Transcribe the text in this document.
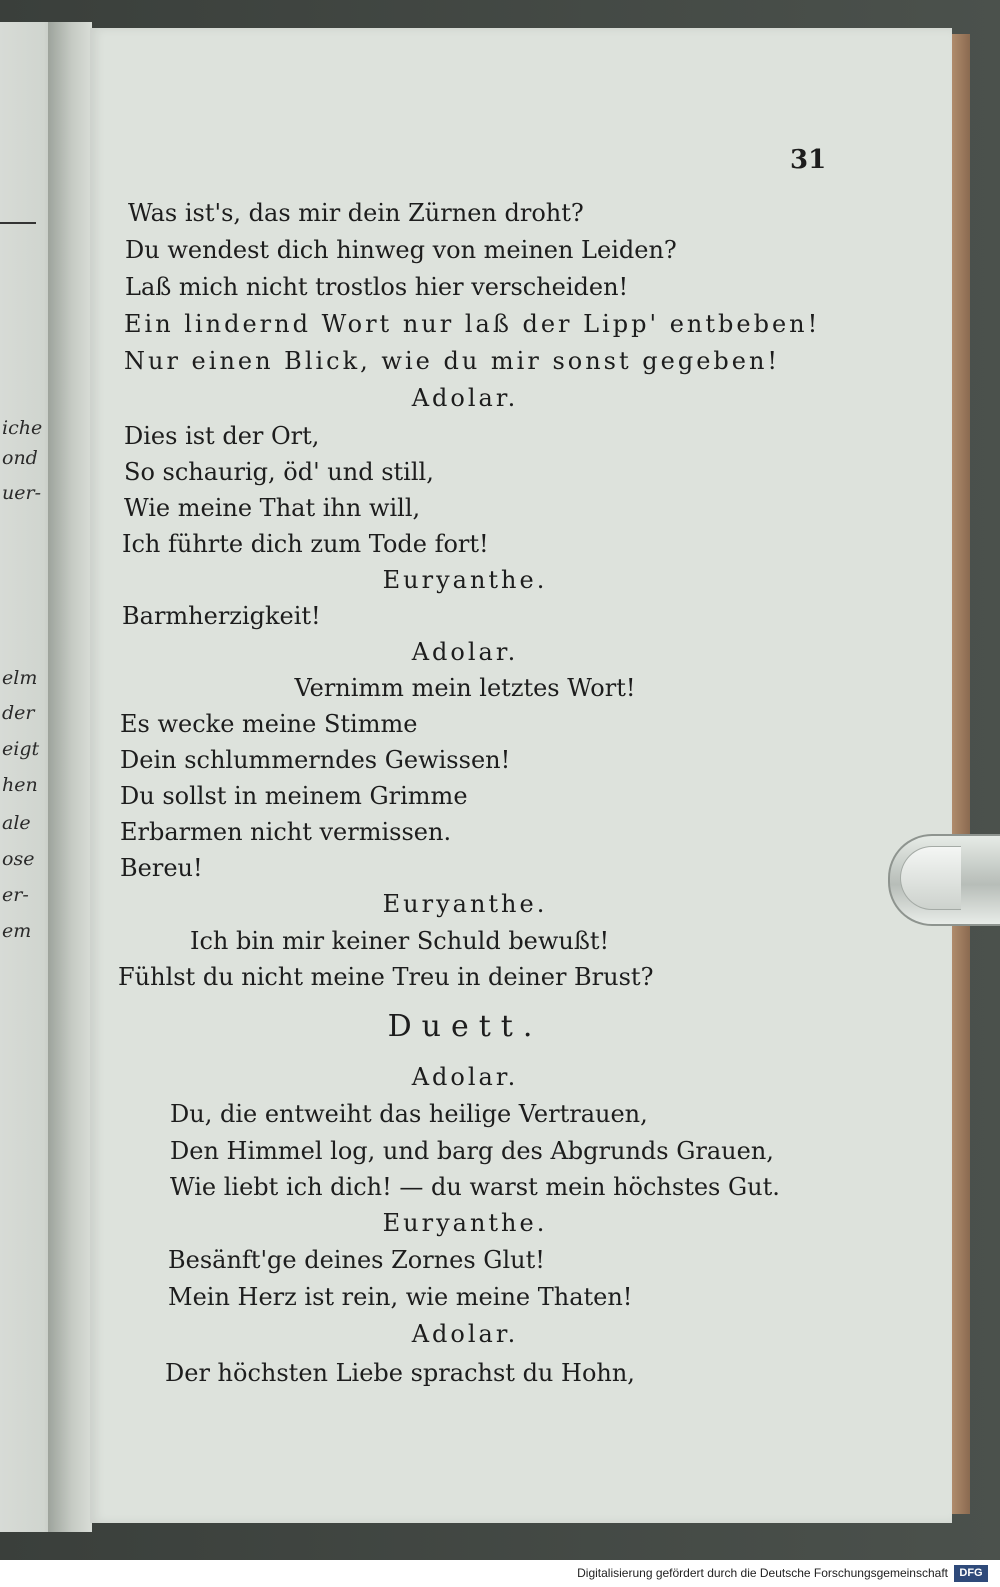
iche
ond
uer-
elm
der
eigt
hen
ale
ose
er-
em
31
Was ist's, das mir dein Zürnen droht?
Du wendest dich hinweg von meinen Leiden?
Laß mich nicht trostlos hier verscheiden!
Ein lindernd Wort nur laß der Lipp' entbeben!
Nur einen Blick, wie du mir sonst gegeben!
Adolar.
Dies ist der Ort,
So schaurig, öd' und still,
Wie meine That ihn will,
Ich führte dich zum Tode fort!
Euryanthe.
Barmherzigkeit!
Adolar.
Vernimm mein letztes Wort!
Es wecke meine Stimme
Dein schlummerndes Gewissen!
Du sollst in meinem Grimme
Erbarmen nicht vermissen.
Bereu!
Euryanthe.
Ich bin mir keiner Schuld bewußt!
Fühlst du nicht meine Treu in deiner Brust?
Duett.
Adolar.
Du, die entweiht das heilige Vertrauen,
Den Himmel log, und barg des Abgrunds Grauen,
Wie liebt ich dich! — du warst mein höchstes Gut.
Euryanthe.
Besänft'ge deines Zornes Glut!
Mein Herz ist rein, wie meine Thaten!
Adolar.
Der höchsten Liebe sprachst du Hohn,
Digitalisierung gefördert durch die Deutsche Forschungsgemeinschaft	DFG
